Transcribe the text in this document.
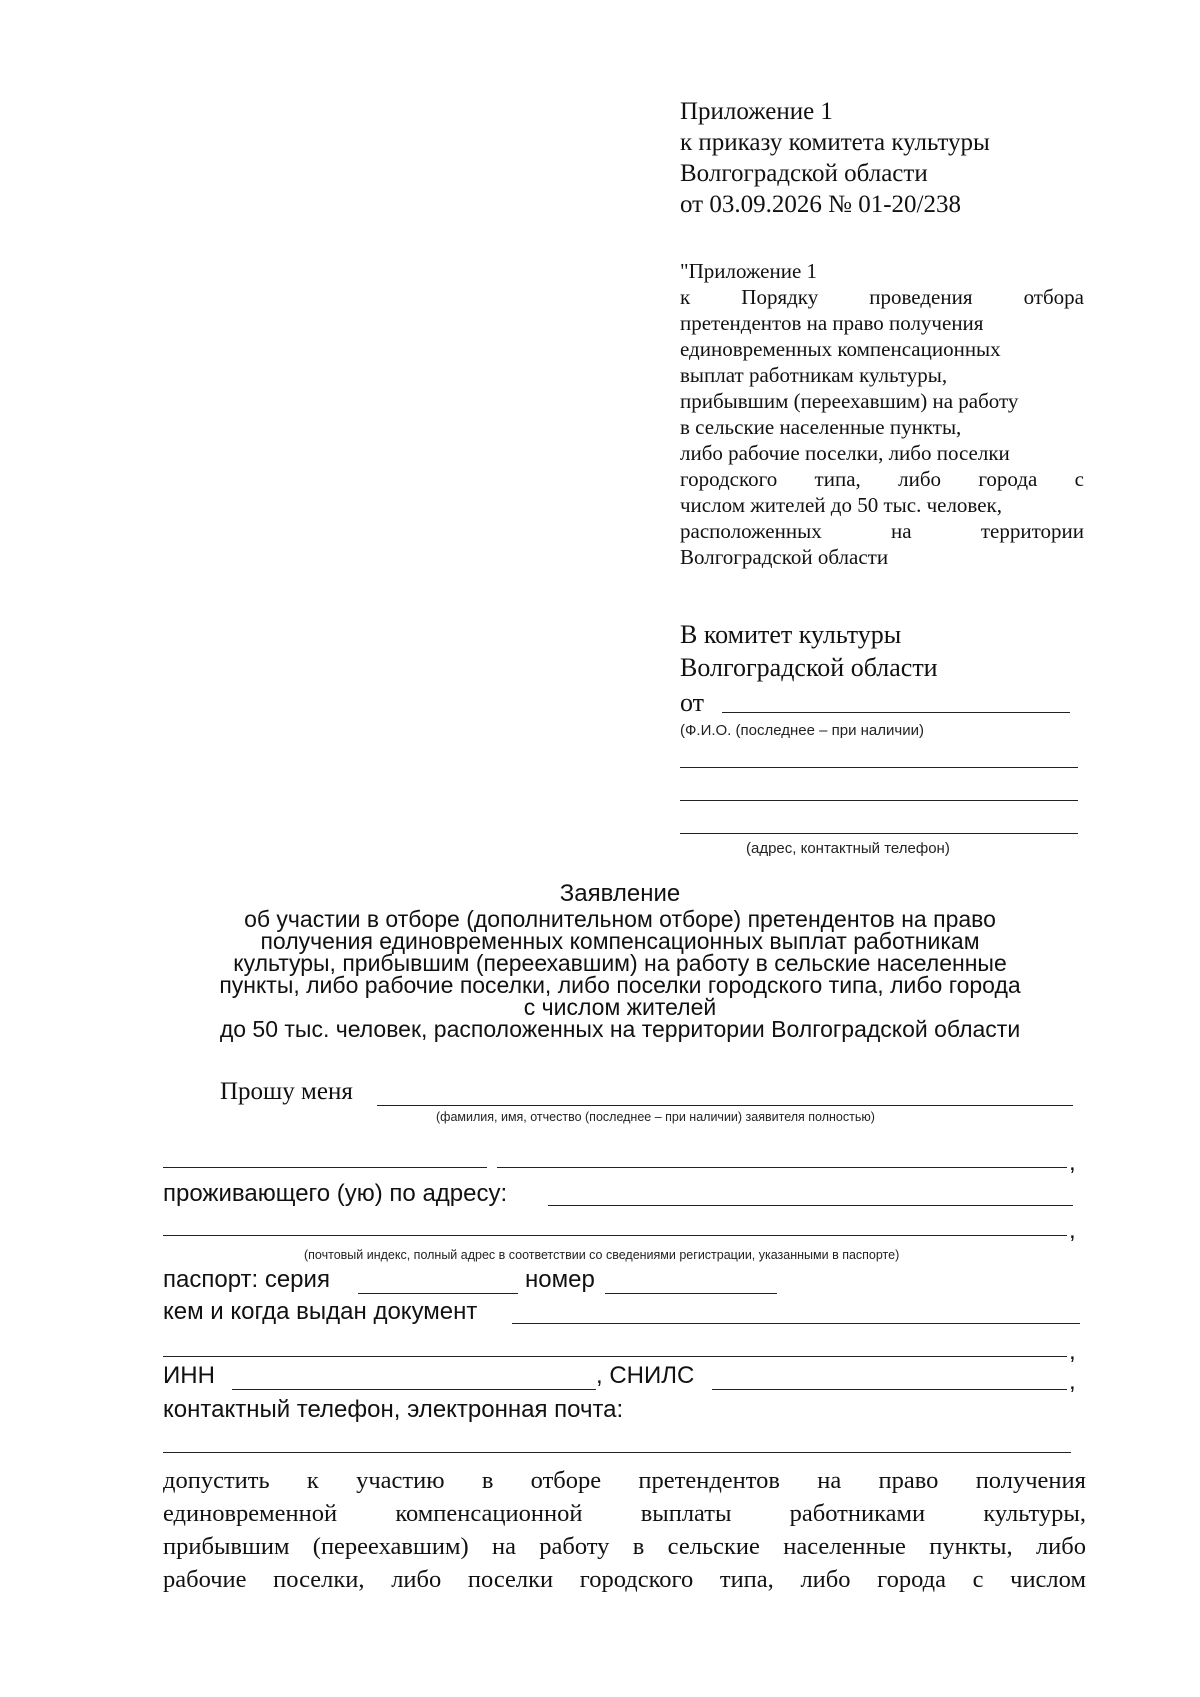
Приложение 1
к приказу комитета культуры
Волгоградской области
от 03.09.2026 № 01-20/238
"Приложение 1
к Порядку проведения отбора
претендентов на право получения
единовременных компенсационных
выплат работникам культуры,
прибывшим (переехавшим) на работу
в сельские населенные пункты,
либо рабочие поселки, либо поселки
городского типа, либо города с
числом жителей до 50 тыс. человек,
расположенных	на	территории
Волгоградской области
В комитет культуры
Волгоградской области
от
(Ф.И.О. (последнее – при наличии)
(адрес, контактный телефон)
Заявление
об участии в отборе (дополнительном отборе) претендентов на право
получения единовременных компенсационных выплат работникам
культуры, прибывшим (переехавшим) на работу в сельские населенные
пункты, либо рабочие поселки, либо поселки городского типа, либо города
с числом жителей
до 50 тыс. человек, расположенных на территории Волгоградской области
Прошу меня
(фамилия, имя, отчество (последнее – при наличии) заявителя полностью)
,
проживающего (ую) по адресу:
,
(почтовый индекс, полный адрес в соответствии со сведениями регистрации, указанными в паспорте)
паспорт: серия	номер
кем и когда выдан документ
,
ИНН	, СНИЛС	,
контактный телефон, электронная почта:
допустить к участию в отборе претендентов на право получения
единовременной компенсационной выплаты работниками культуры,
прибывшим (переехавшим) на работу в сельские населенные пункты, либо
рабочие поселки, либо поселки городского типа, либо города с числом
